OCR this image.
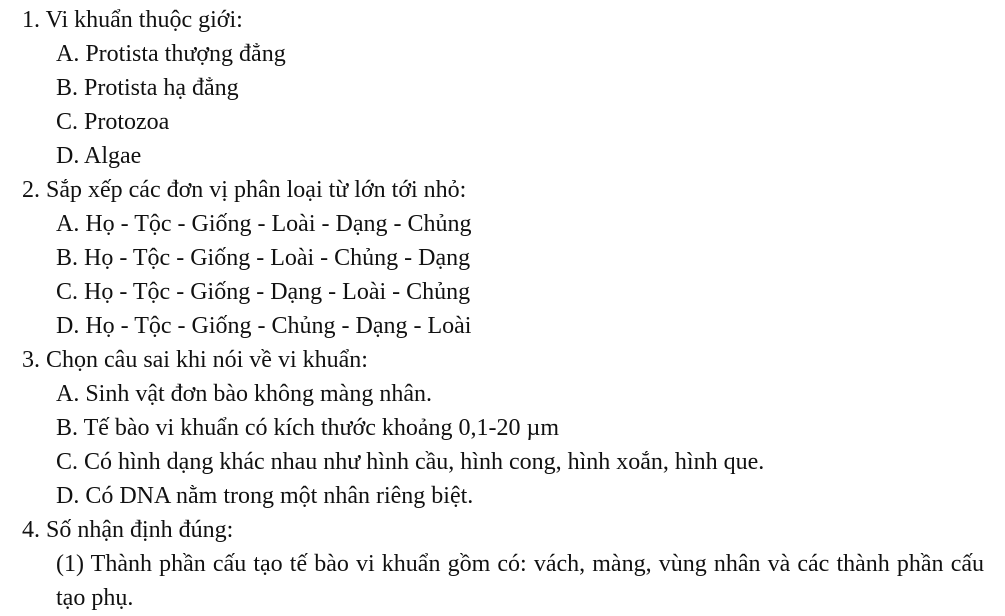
1. Vi khuẩn thuộc giới:
A. Protista thượng đẳng
B. Protista hạ đẳng
C. Protozoa
D. Algae
2. Sắp xếp các đơn vị phân loại từ lớn tới nhỏ:
A. Họ - Tộc - Giống - Loài - Dạng - Chủng
B. Họ - Tộc - Giống - Loài - Chủng - Dạng
C. Họ - Tộc - Giống - Dạng - Loài - Chủng
D. Họ - Tộc - Giống - Chủng - Dạng - Loài
3. Chọn câu sai khi nói về vi khuẩn:
A. Sinh vật đơn bào không màng nhân.
B. Tế bào vi khuẩn có kích thước khoảng 0,1-20 µm
C. Có hình dạng khác nhau như hình cầu, hình cong, hình xoắn, hình que.
D. Có DNA nằm trong một nhân riêng biệt.
4. Số nhận định đúng:
(1) Thành phần cấu tạo tế bào vi khuẩn gồm có: vách, màng, vùng nhân và các thành phần cấu tạo phụ.
